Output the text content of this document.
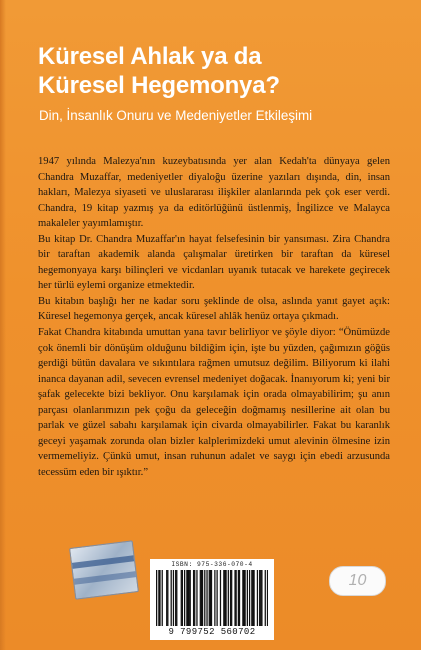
Küresel Ahlak ya da
Küresel Hegemonya?
Din, İnsanlık Onuru ve Medeniyetler Etkileşimi

1947 yılında Malezya'nın kuzeybatısında yer alan Kedah'ta dünyaya gelen Chandra Muzaffar, medeniyetler diyaloğu üzerine yazıları dışında, din, insan hakları, Malezya siyaseti ve uluslararası ilişkiler alanlarında pek çok eser verdi. Chandra, 19 kitap yazmış ya da editörlüğünü üstlenmiş, İngilizce ve Malayca makaleler yayımlamıştır.

Bu kitap Dr. Chandra Muzaffar'ın hayat felsefesinin bir yansıması. Zira Chandra bir taraftan akademik alanda çalışmalar üretirken bir taraftan da küresel hegemonyaya karşı bilinçleri ve vicdanları uyanık tutacak ve harekete geçirecek her türlü eylemi organize etmektedir.

Bu kitabın başlığı her ne kadar soru şeklinde de olsa, aslında yanıt gayet açık: Küresel hegemonya gerçek, ancak küresel ahlâk henüz ortaya çıkmadı.

Fakat Chandra kitabında umuttan yana tavır belirliyor ve şöyle diyor: “Önümüzde çok önemli bir dönüşüm olduğunu bildiğim için, işte bu yüzden, çağımızın göğüs gerdiği bütün davalara ve sıkıntılara rağmen umutsuz değilim. Biliyorum ki ilahi inanca dayanan adil, sevecen evrensel medeniyet doğacak. İnanıyorum ki; yeni bir şafak gelecekte bizi bekliyor. Onu karşılamak için orada olmayabilirim; şu anın parçası olanlarımızın pek çoğu da geleceğin doğmamış nesillerine ait olan bu parlak ve güzel sabahı karşılamak için civarda olmayabilirler. Fakat bu karanlık geceyi yaşamak zorunda olan bizler kalplerimizdeki umut alevinin ölmesine izin vermemeliyiz. Çünkü umut, insan ruhunun adalet ve saygı için ebedi arzusunda tecessüm eden bir ışıktır.”

ISBN: 975-336-070-4
9 799752 560702
10
